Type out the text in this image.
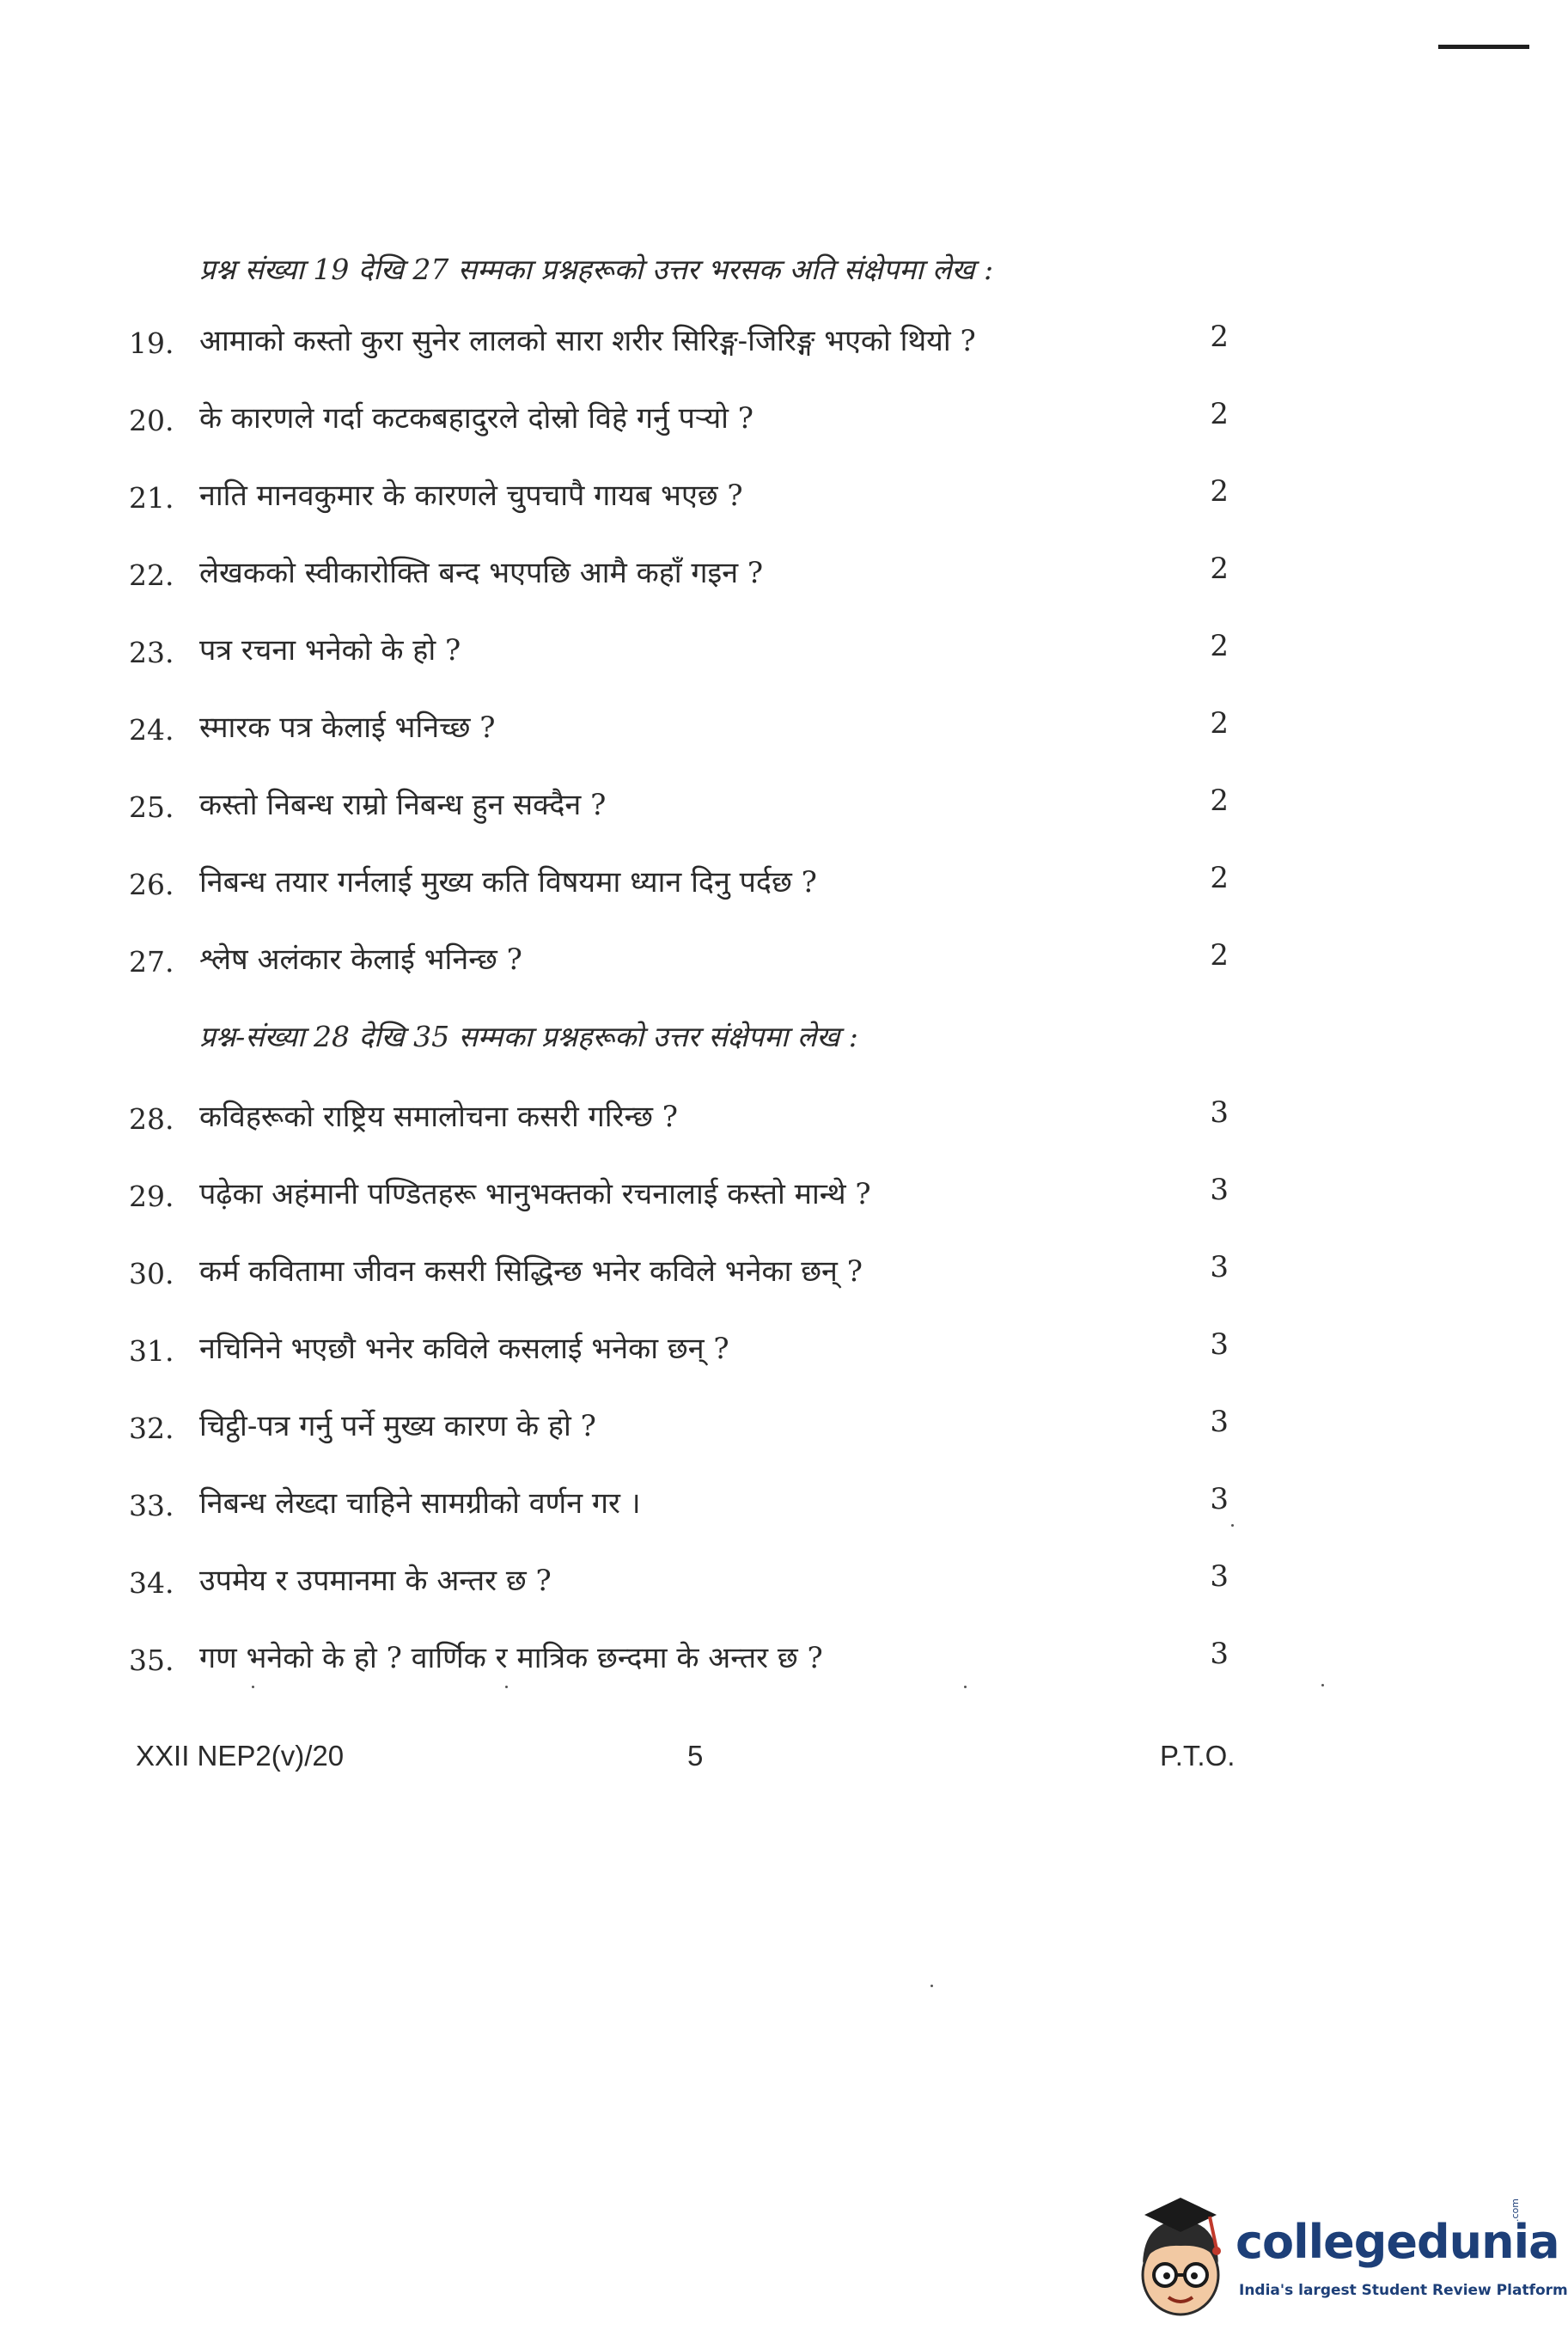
प्रश्न संख्या 19 देखि 27 सम्मका प्रश्नहरूको उत्तर भरसक अति संक्षेपमा लेख :
19. आमाको कस्तो कुरा सुनेर लालको सारा शरीर सिरिङ्ग-जिरिङ्ग भएको थियो ?	2
20. के कारणले गर्दा कटकबहादुरले दोस्रो विहे गर्नु पर्‍यो ?	2
21. नाति मानवकुमार के कारणले चुपचापै गायब भएछ ?	2
22. लेखकको स्वीकारोक्ति बन्द भएपछि आमै कहाँ गइन ?	2
23. पत्र रचना भनेको के हो ?	2
24. स्मारक पत्र केलाई भनिच्छ ?	2
25. कस्तो निबन्ध राम्रो निबन्ध हुन सक्दैन ?	2
26. निबन्ध तयार गर्नलाई मुख्य कति विषयमा ध्यान दिनु पर्दछ ?	2
27. श्लेष अलंकार केलाई भनिन्छ ?	2
प्रश्न-संख्या 28 देखि 35 सम्मका प्रश्नहरूको उत्तर संक्षेपमा लेख :
28. कविहरूको राष्ट्रिय समालोचना कसरी गरिन्छ ?	3
29. पढ़ेका अहंमानी पण्डितहरू भानुभक्तको रचनालाई कस्तो मान्थे ?	3
30. कर्म कवितामा जीवन कसरी सिद्धिन्छ भनेर कविले भनेका छन् ?	3
31. नचिनिने भएछौ भनेर कविले कसलाई भनेका छन् ?	3
32. चिट्ठी-पत्र गर्नु पर्ने मुख्य कारण के हो ?	3
33. निबन्ध लेख्दा चाहिने सामग्रीको वर्णन गर ।	3
34. उपमेय र उपमानमा के अन्तर छ ?	3
35. गण भनेको के हो ? वार्णिक र मात्रिक छन्दमा के अन्तर छ ?	3
XXII NEP2(v)/20	5	P.T.O.
collegedunia
.com
India's largest Student Review Platform
